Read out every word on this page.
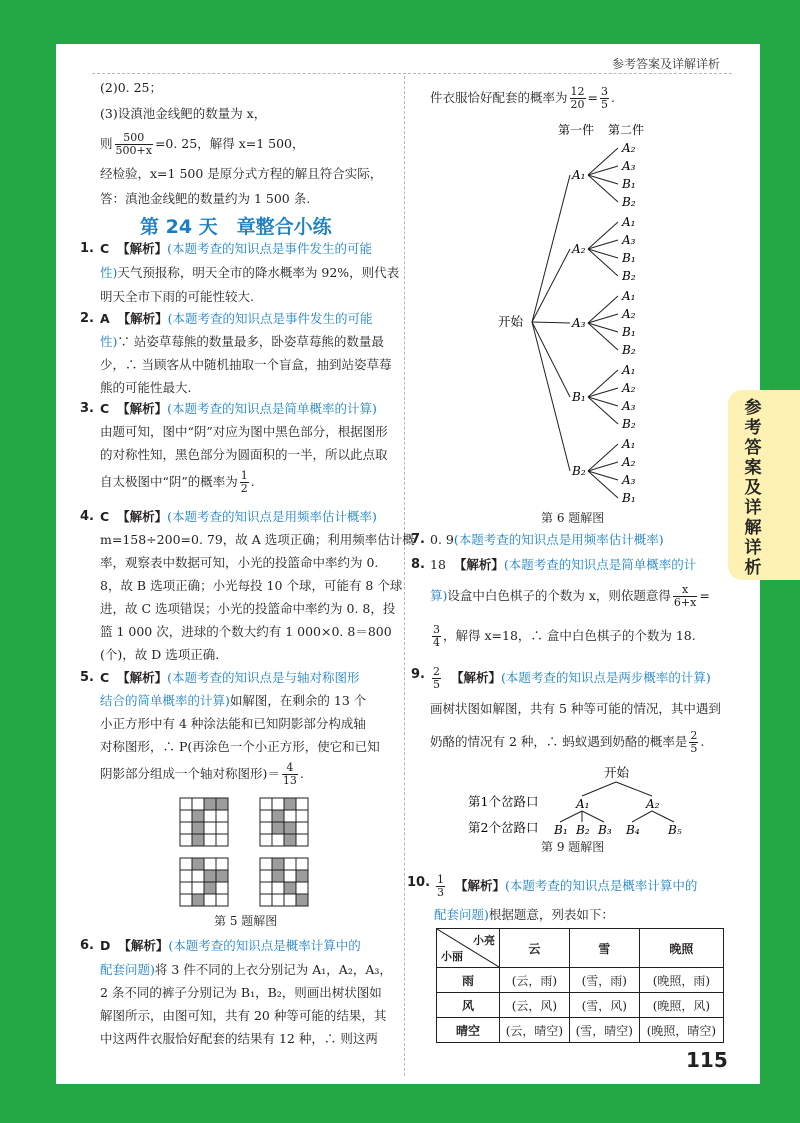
参考答案及详解详析
参考答案及详解详析
115
(2)0. 25；
(3)设滇池金线鲃的数量为 x，
则 $\frac{500}{500+x} =0$. 25，解得 x=1 500，
经检验，x=1 500 是原分式方程的解且符合实际，
答：滇池金线鲃的数量约为 1 500 条.
第 24 天　章整合小练
1. C 【解析】(本题考查的知识点是事件发生的可能
性)天气预报称，明天全市的降水概率为 92%，则代表
明天全市下雨的可能性较大.
2. A 【解析】(本题考查的知识点是事件发生的可能
性)∵ 站姿草莓熊的数量最多，卧姿草莓熊的数量最
少，∴ 当顾客从中随机抽取一个盲盒，抽到站姿草莓
熊的可能性最大.
3. C 【解析】(本题考查的知识点是简单概率的计算)
由题可知，图中“阴”对应为图中黑色部分，根据图形
的对称性知，黑色部分为圆面积的一半，所以此点取
自太极图中“阴”的概率为 $\frac{1}{2}$ .
4. C 【解析】(本题考查的知识点是用频率估计概率)
m=158÷200=0. 79，故 A 选项正确；利用频率估计概
率，观察表中数据可知，小光的投篮命中率约为 0.
8，故 B 选项正确；小光每投 10 个球，可能有 8 个球
进，故 C 选项错误；小光的投篮命中率约为 0. 8，投
篮 1 000 次，进球的个数大约有 1 000×0. 8＝800
(个)，故 D 选项正确.
5. C 【解析】(本题考查的知识点是与轴对称图形
结合的简单概率的计算)如解图，在剩余的 13 个
小正方形中有 4 种涂法能和已知阴影部分构成轴
对称图形，∴ P(再涂色一个小正方形，使它和已知
阴影部分组成一个轴对称图形)＝ $\frac{4}{13}$ .
第 5 题解图
6. D 【解析】(本题考查的知识点是概率计算中的
配套问题)将 3 件不同的上衣分别记为 A₁，A₂，A₃，
2 条不同的裤子分别记为 B₁，B₂，则画出树状图如
解图所示，由图可知，共有 20 种等可能的结果，其
中这两件衣服恰好配套的结果有 12 种，∴ 则这两
件衣服恰好配套的概率为 $\frac{12}{20} = \frac{3}{5}$ .
第一件 第二件
开始
A₁
A₂
A₃
B₁
B₂
A₂
A₁
A₃
B₁
B₂
A₃
A₁
A₂
B₁
B₂
B₁
A₁
A₂
A₃
B₂
B₂
A₁
A₂
A₃
B₁
第 6 题解图
7. 0. 9(本题考查的知识点是用频率估计概率)
8. 18 【解析】(本题考查的知识点是简单概率的计
算)设盒中白色棋子的个数为 x，则依题意得 $\frac{x}{6+x}$ =
$\frac{3}{4}$ ，解得 x=18，∴ 盒中白色棋子的个数为 18.
9. $\frac{2}{5}$ 【解析】(本题考查的知识点是两步概率的计算)
画树状图如解图，共有 5 种等可能的情况，其中遇到
奶酪的情况有 2 种，∴ 蚂蚁遇到奶酪的概率是 $\frac{2}{5}$ .
开始
第1个岔路口
第2个岔路口
A₁	A₂
B₁ B₂ B₃ B₄ B₅
第 9 题解图
10. $\frac{1}{3}$ 【解析】(本题考查的知识点是概率计算中的
配套问题)根据题意，列表如下：
小亮
小丽	云	雪	晚照
雨	(云，雨)	(雪，雨)	(晚照，雨)
风	(云，风)	(雪，风)	(晚照，风)
晴空	(云，晴空)	(雪，晴空)	(晚照，晴空)
